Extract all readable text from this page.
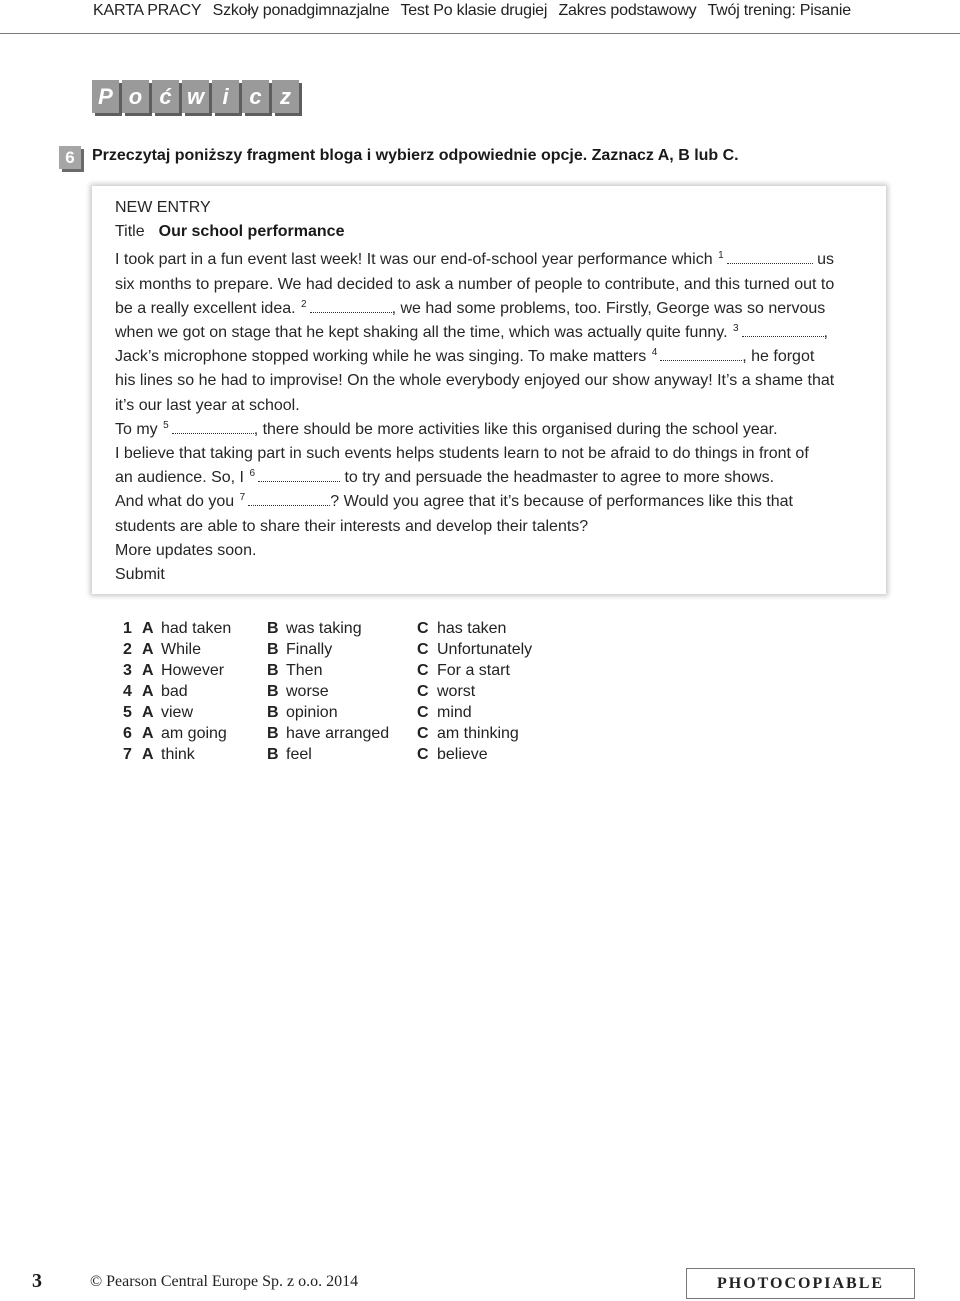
KARTA PRACY Szkoły ponadgimnazjalne Test Po klasie drugiej Zakres podstawowy Twój trening: Pisanie
P o ć w i c z
6	Przeczytaj poniższy fragment bloga i wybierz odpowiednie opcje. Zaznacz A, B lub C.

NEW ENTRY

Title Our school performance

I took part in a fun event last week! It was our end-of-school year performance which $^1$	us
six months to prepare. We had decided to ask a number of people to contribute, and this turned out to
be a really excellent idea. $^2$	, we had some problems, too. Firstly, George was so nervous
when we got on stage that he kept shaking all the time, which was actually quite funny. $^3$	,
Jack’s microphone stopped working while he was singing. To make matters $^4$	, he forgot
his lines so he had to improvise! On the whole everybody enjoyed our show anyway! It’s a shame that
it’s our last year at school.

To my $^5$	, there should be more activities like this organised during the school year.

I believe that taking part in such events helps students learn to not be afraid to do things in front of
an audience. So, I $^6$	to try and persuade the headmaster to agree to more shows.

And what do you $^7$	? Would you agree that it’s because of performances like this that
students are able to share their interests and develop their talents?

More updates soon.

Submit

1	A	had taken	B	was taking	C	has taken
2	A	While	B	Finally	C	Unfortunately
3	A	However	B	Then	C	For a start
4	A	bad	B	worse	C	worst
5	A	view	B	opinion	C	mind
6	A	am going	B	have arranged	C	am thinking
7	A	think	B	feel	C	believe
3	© Pearson Central Europe Sp. z o.o. 2014	PHOTOCOPIABLE
